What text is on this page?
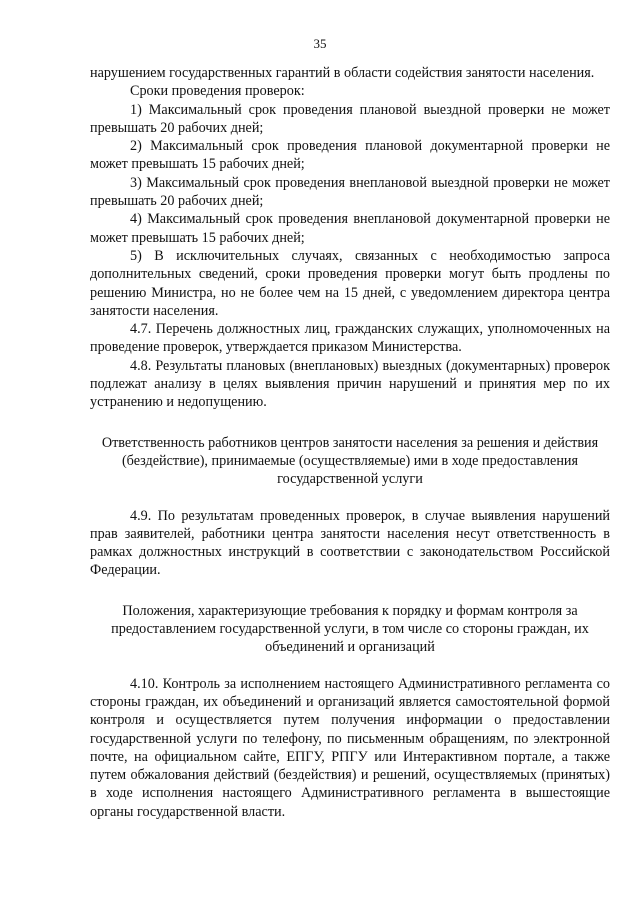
35

нарушением государственных гарантий в области содействия занятости населения.

Сроки проведения проверок:

1) Максимальный срок проведения плановой выездной проверки не может превышать 20 рабочих дней;

2) Максимальный срок проведения плановой документарной проверки не может превышать 15 рабочих дней;

3) Максимальный срок проведения внеплановой выездной проверки не может превышать 20 рабочих дней;

4) Максимальный срок проведения внеплановой документарной проверки не может превышать 15 рабочих дней;

5) В исключительных случаях, связанных с необходимостью запроса дополнительных сведений, сроки проведения проверки могут быть продлены по решению Министра, но не более чем на 15 дней, с уведомлением директора центра занятости населения.

4.7. Перечень должностных лиц, гражданских служащих, уполномоченных на проведение проверок, утверждается приказом Министерства.

4.8. Результаты плановых (внеплановых) выездных (документарных) проверок подлежат анализу в целях выявления причин нарушений и принятия мер по их устранению и недопущению.

Ответственность работников центров занятости населения за решения и действия (бездействие), принимаемые (осуществляемые) ими в ходе предоставления государственной услуги

4.9. По результатам проведенных проверок, в случае выявления нарушений прав заявителей, работники центра занятости населения несут ответственность в рамках должностных инструкций в соответствии с законодательством Российской Федерации.

Положения, характеризующие требования к порядку и формам контроля за предоставлением государственной услуги, в том числе со стороны граждан, их объединений и организаций

4.10. Контроль за исполнением настоящего Административного регламента со стороны граждан, их объединений и организаций является самостоятельной формой контроля и осуществляется путем получения информации о предоставлении государственной услуги по телефону, по письменным обращениям, по электронной почте, на официальном сайте, ЕПГУ, РПГУ или Интерактивном портале, а также путем обжалования действий (бездействия) и решений, осуществляемых (принятых) в ходе исполнения настоящего Административного регламента в вышестоящие органы государственной власти.
